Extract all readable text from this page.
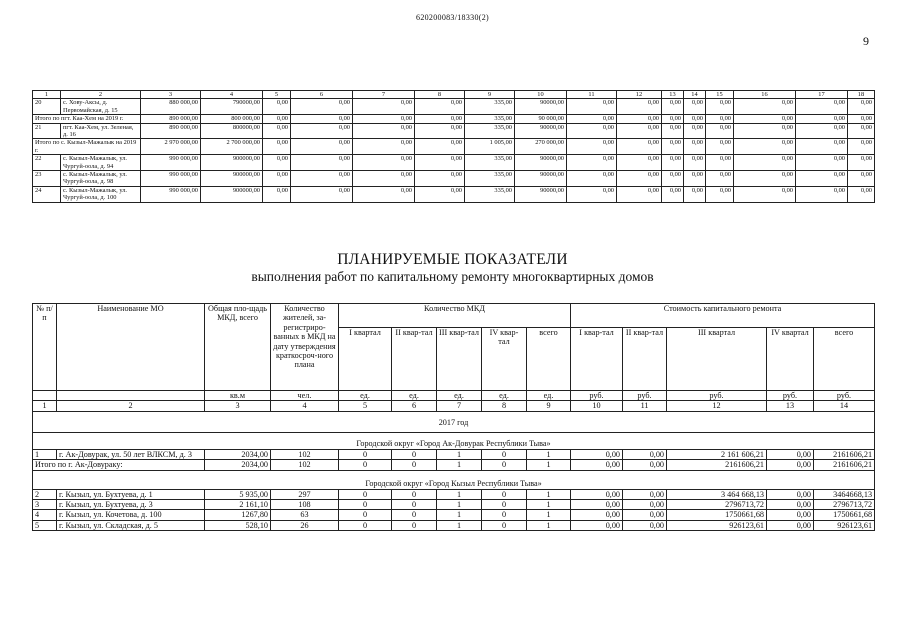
620200083/18330(2)
9
1	2	3	4	5	6	7	8	9	10	11	12	13	14	15	16	17	18
20	с. Хову-Аксы, д. Первомайская, д. 15	880 000,00	790000,00	0,00	0,00	0,00	0,00	335,00	90000,00	0,00	0,00	0,00	0,00	0,00	0,00	0,00	0,00
Итого по пгт. Каа-Хем на 2019 г.		890 000,00	800 000,00	0,00	0,00	0,00	0,00	335,00	90 000,00	0,00	0,00	0,00	0,00	0,00	0,00	0,00	0,00
21	пгт. Каа-Хем, ул. Зеленая, д. 16	890 000,00	800000,00	0,00	0,00	0,00	0,00	335,00	90000,00	0,00	0,00	0,00	0,00	0,00	0,00	0,00	0,00
Итого по с. Кызыл-Мажалык на 2019 г.		2 970 000,00	2 700 000,00	0,00	0,00	0,00	0,00	1 005,00	270 000,00	0,00	0,00	0,00	0,00	0,00	0,00	0,00	0,00
22	с. Кызыл-Мажалык, ул. Чургуй-оола, д. 94	990 000,00	900000,00	0,00	0,00	0,00	0,00	335,00	90000,00	0,00	0,00	0,00	0,00	0,00	0,00	0,00	0,00
23	с. Кызыл-Мажалык, ул. Чургуй-оола, д. 98	990 000,00	900000,00	0,00	0,00	0,00	0,00	335,00	90000,00	0,00	0,00	0,00	0,00	0,00	0,00	0,00	0,00
24	с. Кызыл-Мажалык, ул. Чургуй-оола, д. 100	990 000,00	900000,00	0,00	0,00	0,00	0,00	335,00	90000,00	0,00	0,00	0,00	0,00	0,00	0,00	0,00	0,00
ПЛАНИРУЕМЫЕ ПОКАЗАТЕЛИ
выполнения работ по капитальному ремонту многоквартирных домов
№ п/п	Наименование МО	Общая пло-щадь МКД, всего	Количество жителей, за-регистриро-ванных в МКД на дату утверждения краткосроч-ного плана	Количество МКД					Стоимость капитального ремонта				
				I квартал	II квар-тал	III квар-тал	IV квар-тал	всего	I квар-тал	II квар-тал	III квартал	IV квартал	всего
		кв.м	чел.	ед.	ед.	ед.	ед.	ед.	руб.	руб.	руб.	руб.	руб.
1	2	3	4	5	6	7	8	9	10	11	12	13	14
2017 год													
Городской округ «Город Ак-Довурак Республики Тыва»													
1	г. Ак-Довурак, ул. 50 лет ВЛКСМ, д. 3	2034,00	102	0	0	1	0	1	0,00	0,00	2 161 606,21	0,00	2161606,21
Итого по г. Ак-Довураку:		2034,00	102	0	0	1	0	1	0,00	0,00	2161606,21	0,00	2161606,21
Городской округ «Город Кызыл Республики Тыва»													
2	г. Кызыл, ул. Бухтуева, д. 1	5 935,00	297	0	0	1	0	1	0,00	0,00	3 464 668,13	0,00	3464668,13
3	г. Кызыл, ул. Бухтуева, д. 3	2 161,10	108	0	0	1	0	1	0,00	0,00	2796713,72	0,00	2796713,72
4	г. Кызыл, ул. Кочетова, д. 100	1267,80	63	0	0	1	0	1	0,00	0,00	1750661,68	0,00	1750661,68
5	г. Кызыл, ул. Складская, д. 5	528,10	26	0	0	1	0	1	0,00	0,00	926123,61	0,00	926123,61
